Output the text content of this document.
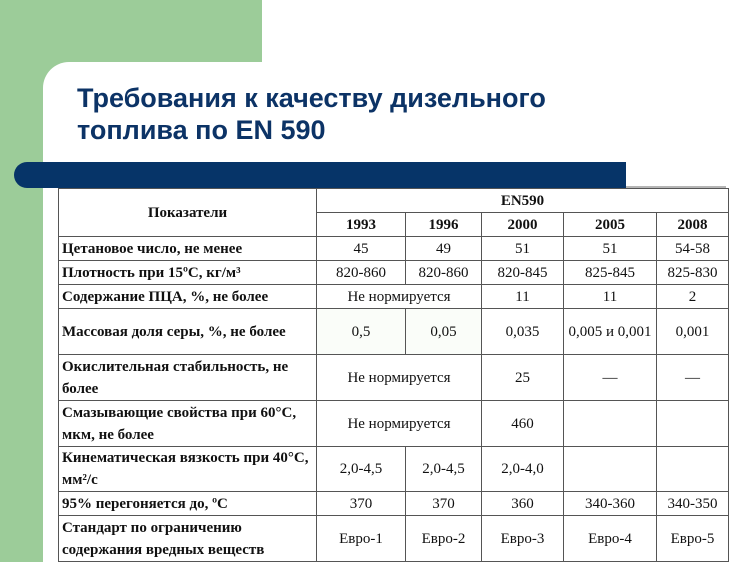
Требования к качеству дизельного
топлива по EN 590
Показатели	EN590				
	1993	1996	2000	2005	2008
Цетановое число, не менее	45	49	51	51	54-58
Плотность при 15ºС, кг/м³	820-860	820-860	820-845	825-845	825-830
Содержание ПЦА, %, не более	Не нормируется		11	11	2
Массовая доля серы, %, не более	0,5	0,05	0,035	0,005 и 0,001	0,001
Окислительная стабильность, не более	Не нормируется		25	—	—
Смазывающие свойства при 60°С, мкм, не более	Не нормируется		460		
Кинематическая вязкость при 40°С, мм²/с	2,0-4,5	2,0-4,5	2,0-4,0		
95% перегоняется до, ºС	370	370	360	340-360	340-350
Стандарт по ограничению содержания вредных веществ	Евро-1	Евро-2	Евро-3	Евро-4	Евро-5
